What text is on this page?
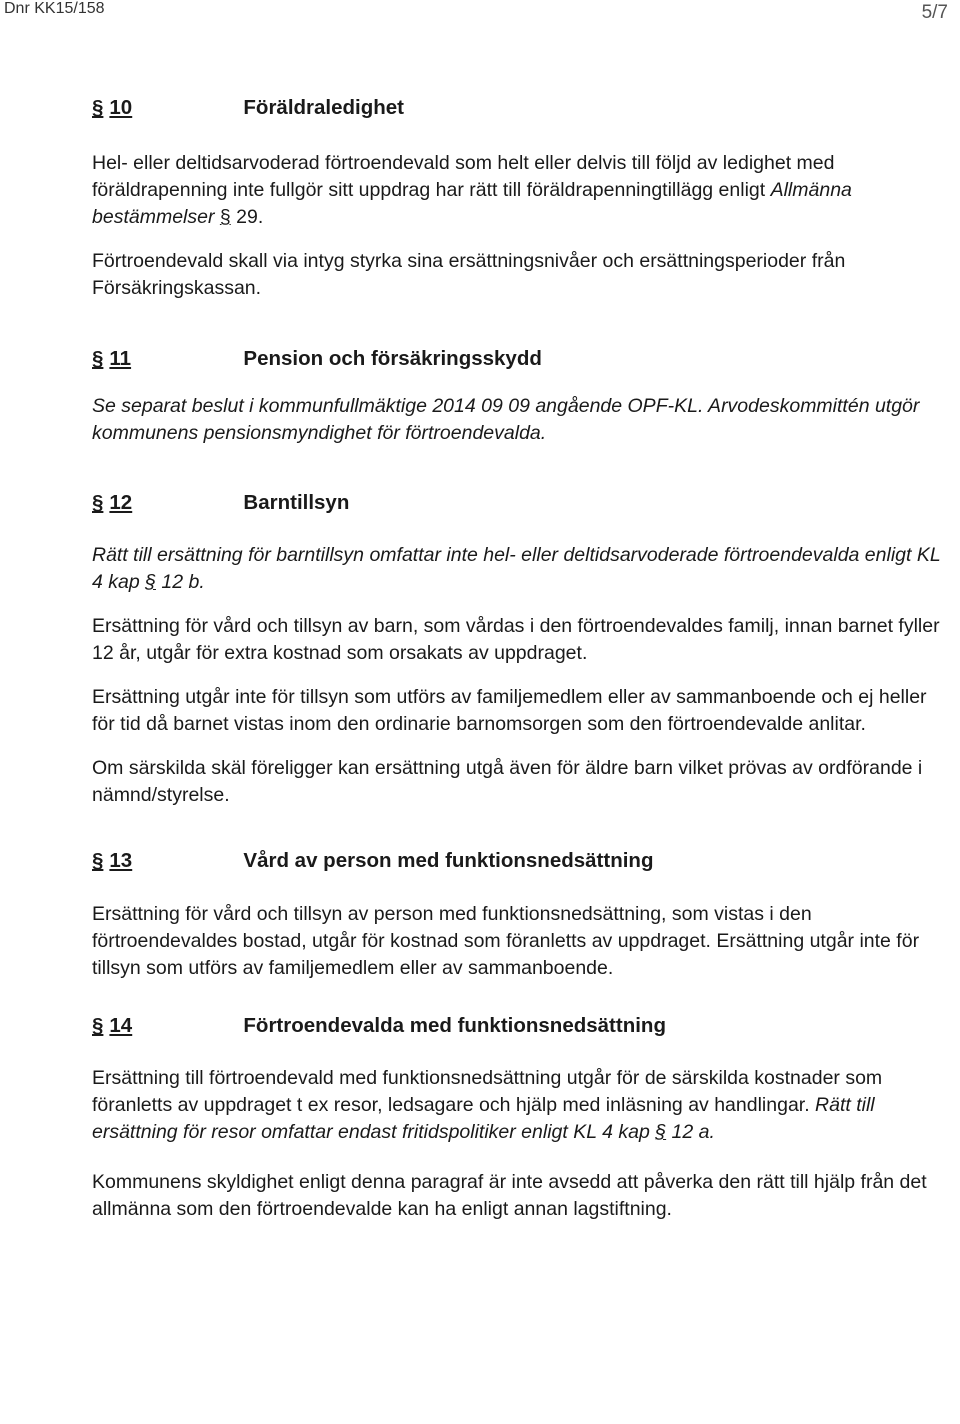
Dnr KK15/158	5/7
§ 10	Föräldraledighet

Hel- eller deltidsarvoderad förtroendevald som helt eller delvis till följd av ledighet med föräldrapenning inte fullgör sitt uppdrag har rätt till föräldrapenningtillägg enligt Allmänna bestämmelser § 29.

Förtroendevald skall via intyg styrka sina ersättningsnivåer och ersättningsperioder från Försäkringskassan.

§ 11	Pension och försäkringsskydd

Se separat beslut i kommunfullmäktige 2014 09 09 angående OPF-KL. Arvodeskommittén utgör kommunens pensionsmyndighet för förtroendevalda.

§ 12	Barntillsyn

Rätt till ersättning för barntillsyn omfattar inte hel- eller deltidsarvoderade förtroendevalda enligt KL 4 kap § 12 b.

Ersättning för vård och tillsyn av barn, som vårdas i den förtroendevaldes familj, innan barnet fyller 12 år, utgår för extra kostnad som orsakats av uppdraget.

Ersättning utgår inte för tillsyn som utförs av familjemedlem eller av sammanboende och ej heller för tid då barnet vistas inom den ordinarie barnomsorgen som den förtroendevalde anlitar.

Om särskilda skäl föreligger kan ersättning utgå även för äldre barn vilket prövas av ordförande i nämnd/styrelse.

§ 13	Vård av person med funktionsnedsättning

Ersättning för vård och tillsyn av person med funktionsnedsättning, som vistas i den förtroendevaldes bostad, utgår för kostnad som föranletts av uppdraget. Ersättning utgår inte för tillsyn som utförs av familjemedlem eller av sammanboende.

§ 14	Förtroendevalda med funktionsnedsättning

Ersättning till förtroendevald med funktionsnedsättning utgår för de särskilda kostnader som föranletts av uppdraget t ex resor, ledsagare och hjälp med inläsning av handlingar. Rätt till ersättning för resor omfattar endast fritidspolitiker enligt KL 4 kap § 12 a.

Kommunens skyldighet enligt denna paragraf är inte avsedd att påverka den rätt till hjälp från det allmänna som den förtroendevalde kan ha enligt annan lagstiftning.
